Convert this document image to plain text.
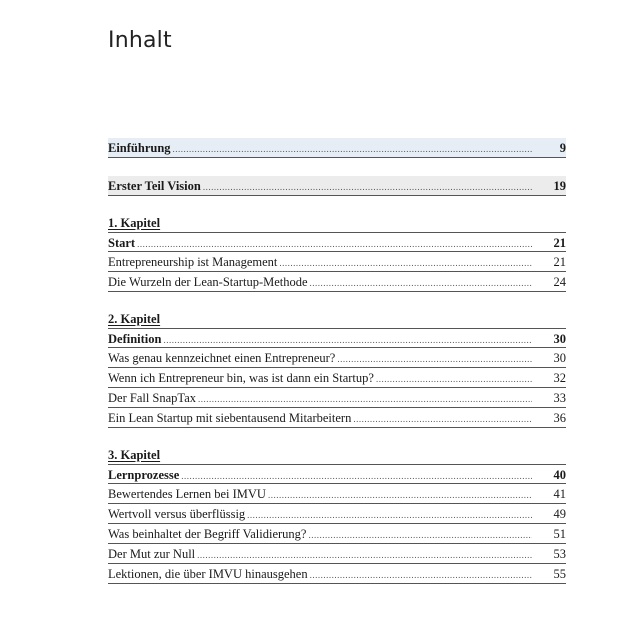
Inhalt
Einführung .....	9
Erster Teil Vision .....	19
1. Kapitel
Start .....	21
Entrepreneurship ist Management .....	21
Die Wurzeln der Lean-Startup-Methode .....	24
2. Kapitel
Definition .....	30
Was genau kennzeichnet einen Entrepreneur? .....	30
Wenn ich Entrepreneur bin, was ist dann ein Startup? .....	32
Der Fall SnapTax .....	33
Ein Lean Startup mit siebentausend Mitarbeitern .....	36
3. Kapitel
Lernprozesse .....	40
Bewertendes Lernen bei IMVU .....	41
Wertvoll versus überflüssig .....	49
Was beinhaltet der Begriff Validierung? .....	51
Der Mut zur Null .....	53
Lektionen, die über IMVU hinausgehen .....	55
